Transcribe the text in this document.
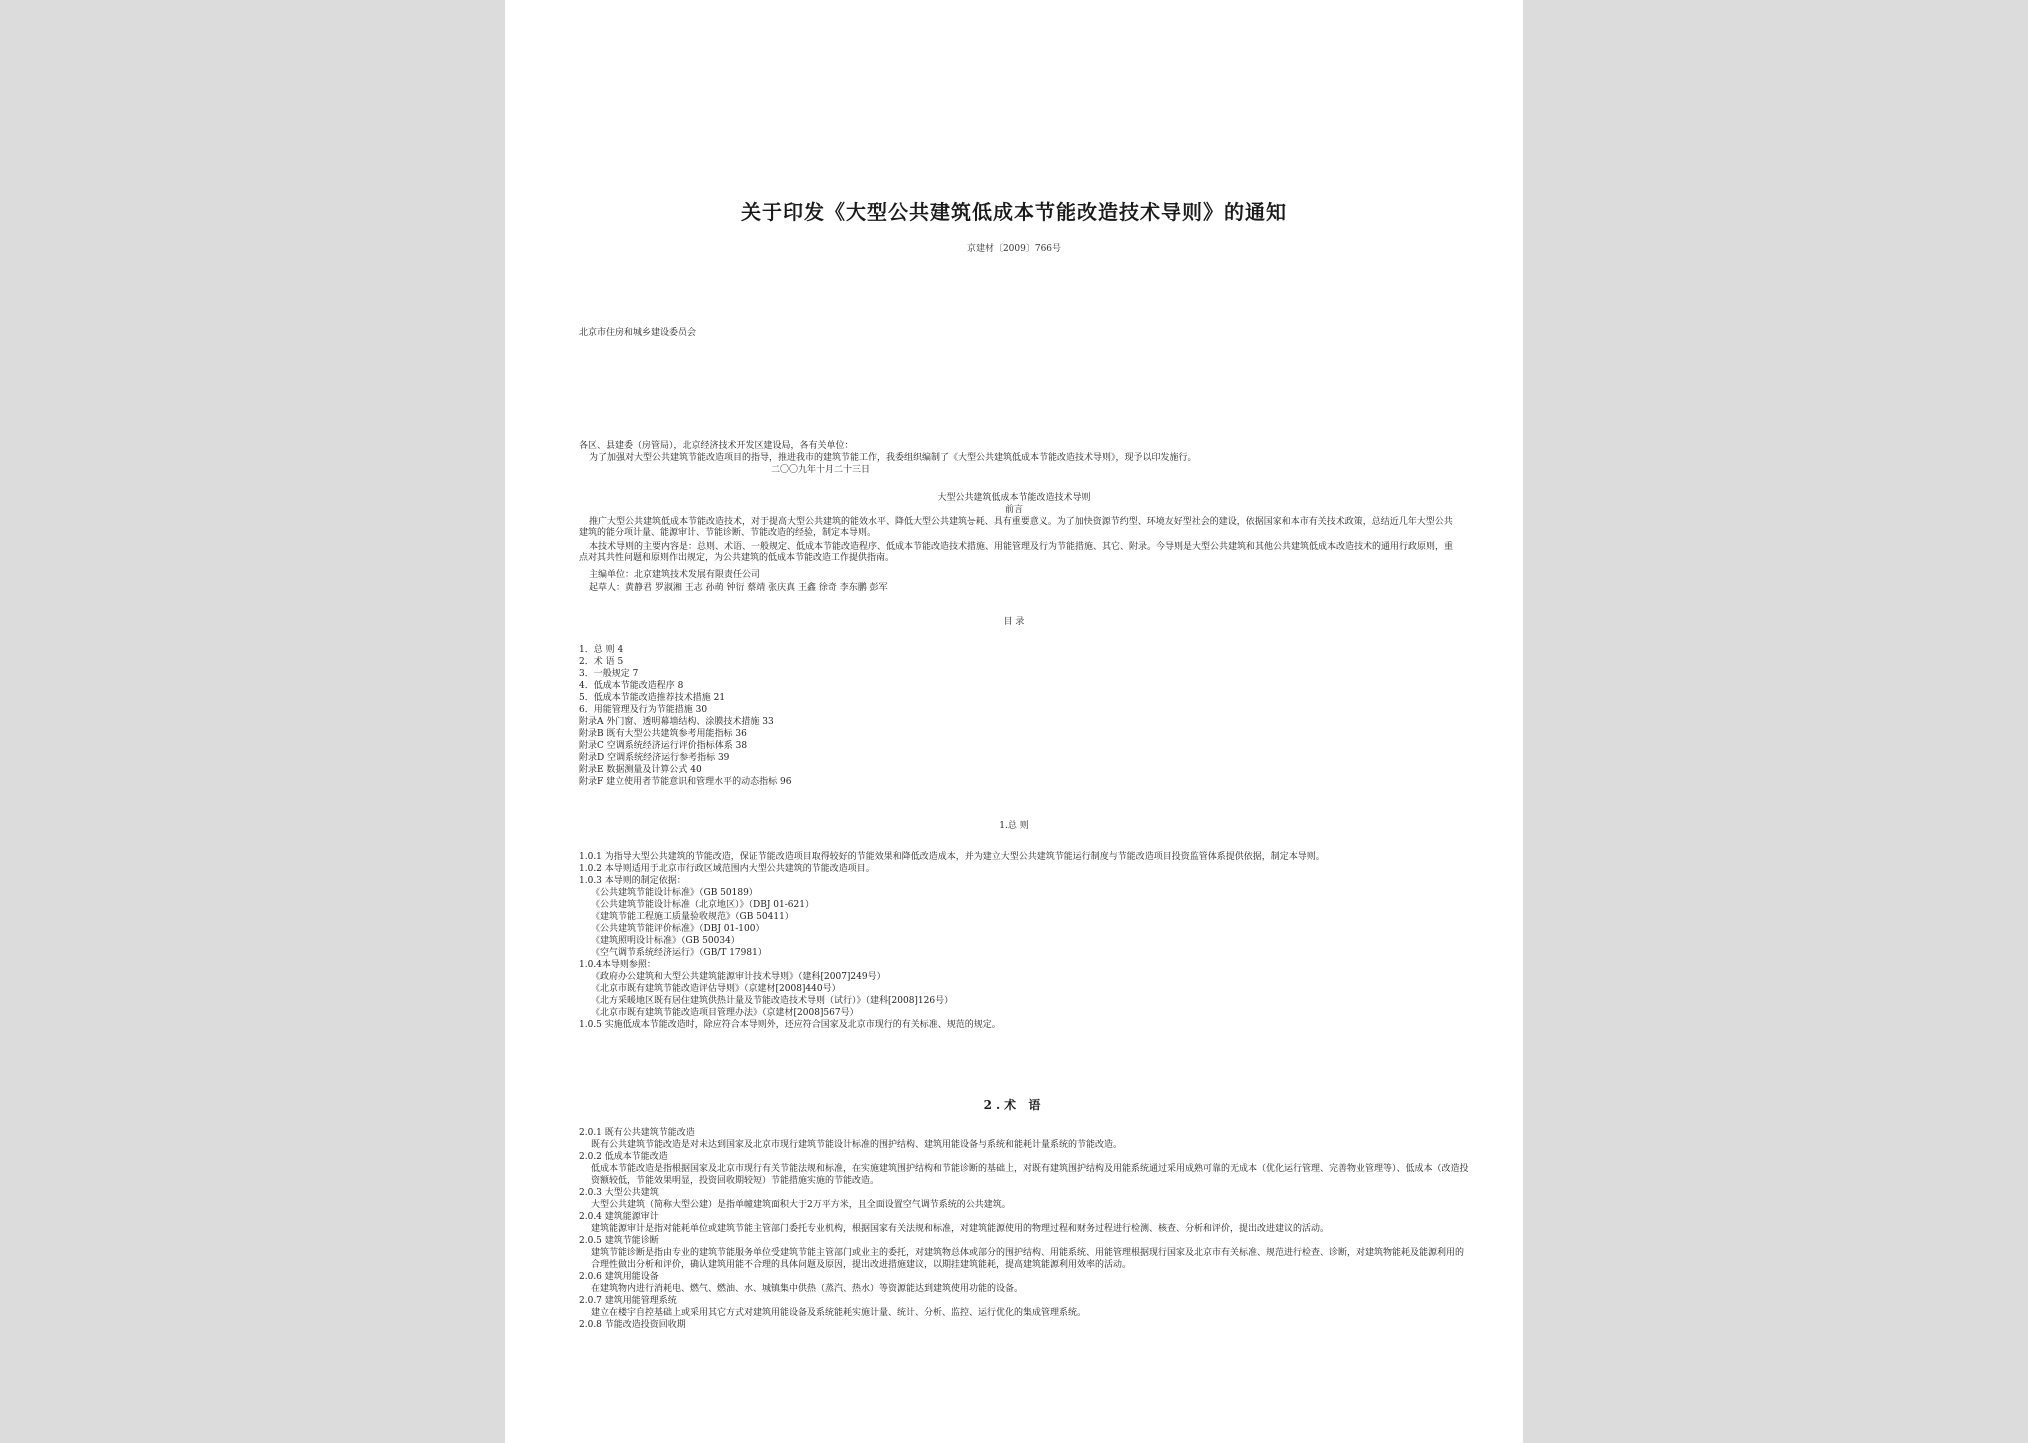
关于印发《大型公共建筑低成本节能改造技术导则》的通知
京建材〔2009〕766号
北京市住房和城乡建设委员会
各区、县建委（房管局），北京经济技术开发区建设局，各有关单位：
为了加强对大型公共建筑节能改造项目的指导，推进我市的建筑节能工作，我委组织编制了《大型公共建筑低成本节能改造技术导则》，现予以印发施行。
二〇〇九年十月二十三日
大型公共建筑低成本节能改造技术导则
前言
推广大型公共建筑低成本节能改造技术，对于提高大型公共建筑的能效水平、降低大型公共建筑능耗、具有重要意义。为了加快资源节约型、环境友好型社会的建设，依据国家和本市有关技术政策，总结近几年大型公共建筑的能分项计量、能源审计、节能诊断、节能改造的经验，制定本导则。
本技术导则的主要内容是：总则、术语、一般规定、低成本节能改造程序、低成本节能改造技术措施、用能管理及行为节能措施、其它、附录。今导则是大型公共建筑和其他公共建筑低成本改造技术的通用行政原则，重点对其共性问题和原则作出规定，为公共建筑的低成本节能改造工作提供指南。
主编单位：北京建筑技术发展有限责任公司
起草人：黄静君 罗淑湘 王志 孙萌 钟衍 蔡靖 张庆真 王鑫 徐奇 李东鹏 彭军
目 录
1．总 则 4
2．术 语 5
3．一般规定 7
4．低成本节能改造程序 8
5．低成本节能改造推荐技术措施 21
6．用能管理及行为节能措施 30
附录A 外门窗、透明幕墙结构、涂膜技术措施 33
附录B 既有大型公共建筑参考用能指标 36
附录C 空调系统经济运行评价指标体系 38
附录D 空调系统经济运行参考指标 39
附录E 数据测量及计算公式 40
附录F 建立使用者节能意识和管理水平的动态指标 96
1.总 则
1.0.1 为指导大型公共建筑的节能改造，保证节能改造项目取得较好的节能效果和降低改造成本，并为建立大型公共建筑节能运行制度与节能改造项目投资监管体系提供依据，制定本导则。
1.0.2 本导则适用于北京市行政区域范围内大型公共建筑的节能改造项目。
1.0.3 本导则的制定依据：
《公共建筑节能设计标准》（GB 50189）
《公共建筑节能设计标准（北京地区）》（DBJ 01-621）
《建筑节能工程施工质量验收规范》（GB 50411）
《公共建筑节能评价标准》（DBJ 01-100）
《建筑照明设计标准》（GB 50034）
《空气调节系统经济运行》（GB/T 17981）
1.0.4本导则参照：
《政府办公建筑和大型公共建筑能源审计技术导则》（建科[2007]249号）
《北京市既有建筑节能改造评估导则》（京建材[2008]440号）
《北方采暖地区既有居住建筑供热计量及节能改造技术导则（试行）》（建科[2008]126号）
《北京市既有建筑节能改造项目管理办法》（京建材[2008]567号）
1.0.5 实施低成本节能改造时，除应符合本导则外，还应符合国家及北京市现行的有关标准、规范的规定。
2.术 语
2.0.1 既有公共建筑节能改造
既有公共建筑节能改造是对未达到国家及北京市现行建筑节能设计标准的围护结构、建筑用能设备与系统和能耗计量系统的节能改造。
2.0.2 低成本节能改造
低成本节能改造是指根据国家及北京市现行有关节能法规和标准，在实施建筑围护结构和节能诊断的基础上，对既有建筑围护结构及用能系统通过采用成熟可靠的无成本（优化运行管理、完善物业管理等）、低成本（改造投资额较低，节能效果明显，投资回收期较短）节能措施实施的节能改造。
2.0.3 大型公共建筑
大型公共建筑（简称大型公建）是指单幢建筑面积大于2万平方米，且全面设置空气调节系统的公共建筑。
2.0.4 建筑能源审计
建筑能源审计是指对能耗单位或建筑节能主管部门委托专业机构，根据国家有关法规和标准，对建筑能源使用的物理过程和财务过程进行检测、核查、分析和评价，提出改进建议的活动。
2.0.5 建筑节能诊断
建筑节能诊断是指由专业的建筑节能服务单位受建筑节能主管部门或业主的委托，对建筑物总体或部分的围护结构、用能系统、用能管理根据现行国家及北京市有关标准、规范进行检查、诊断，对建筑物能耗及能源利用的合理性做出分析和评价，确认建筑用能不合理的具体问题及原因，提出改进措施建议，以期挂建筑能耗，提高建筑能源利用效率的活动。
2.0.6 建筑用能设备
在建筑物内进行消耗电、燃气、燃油、水、城镇集中供热（蒸汽、热水）等资源能达到建筑使用功能的设备。
2.0.7 建筑用能管理系统
建立在楼宇自控基础上或采用其它方式对建筑用能设备及系统能耗实施计量、统计、分析、监控、运行优化的集成管理系统。
2.0.8 节能改造投资回收期
